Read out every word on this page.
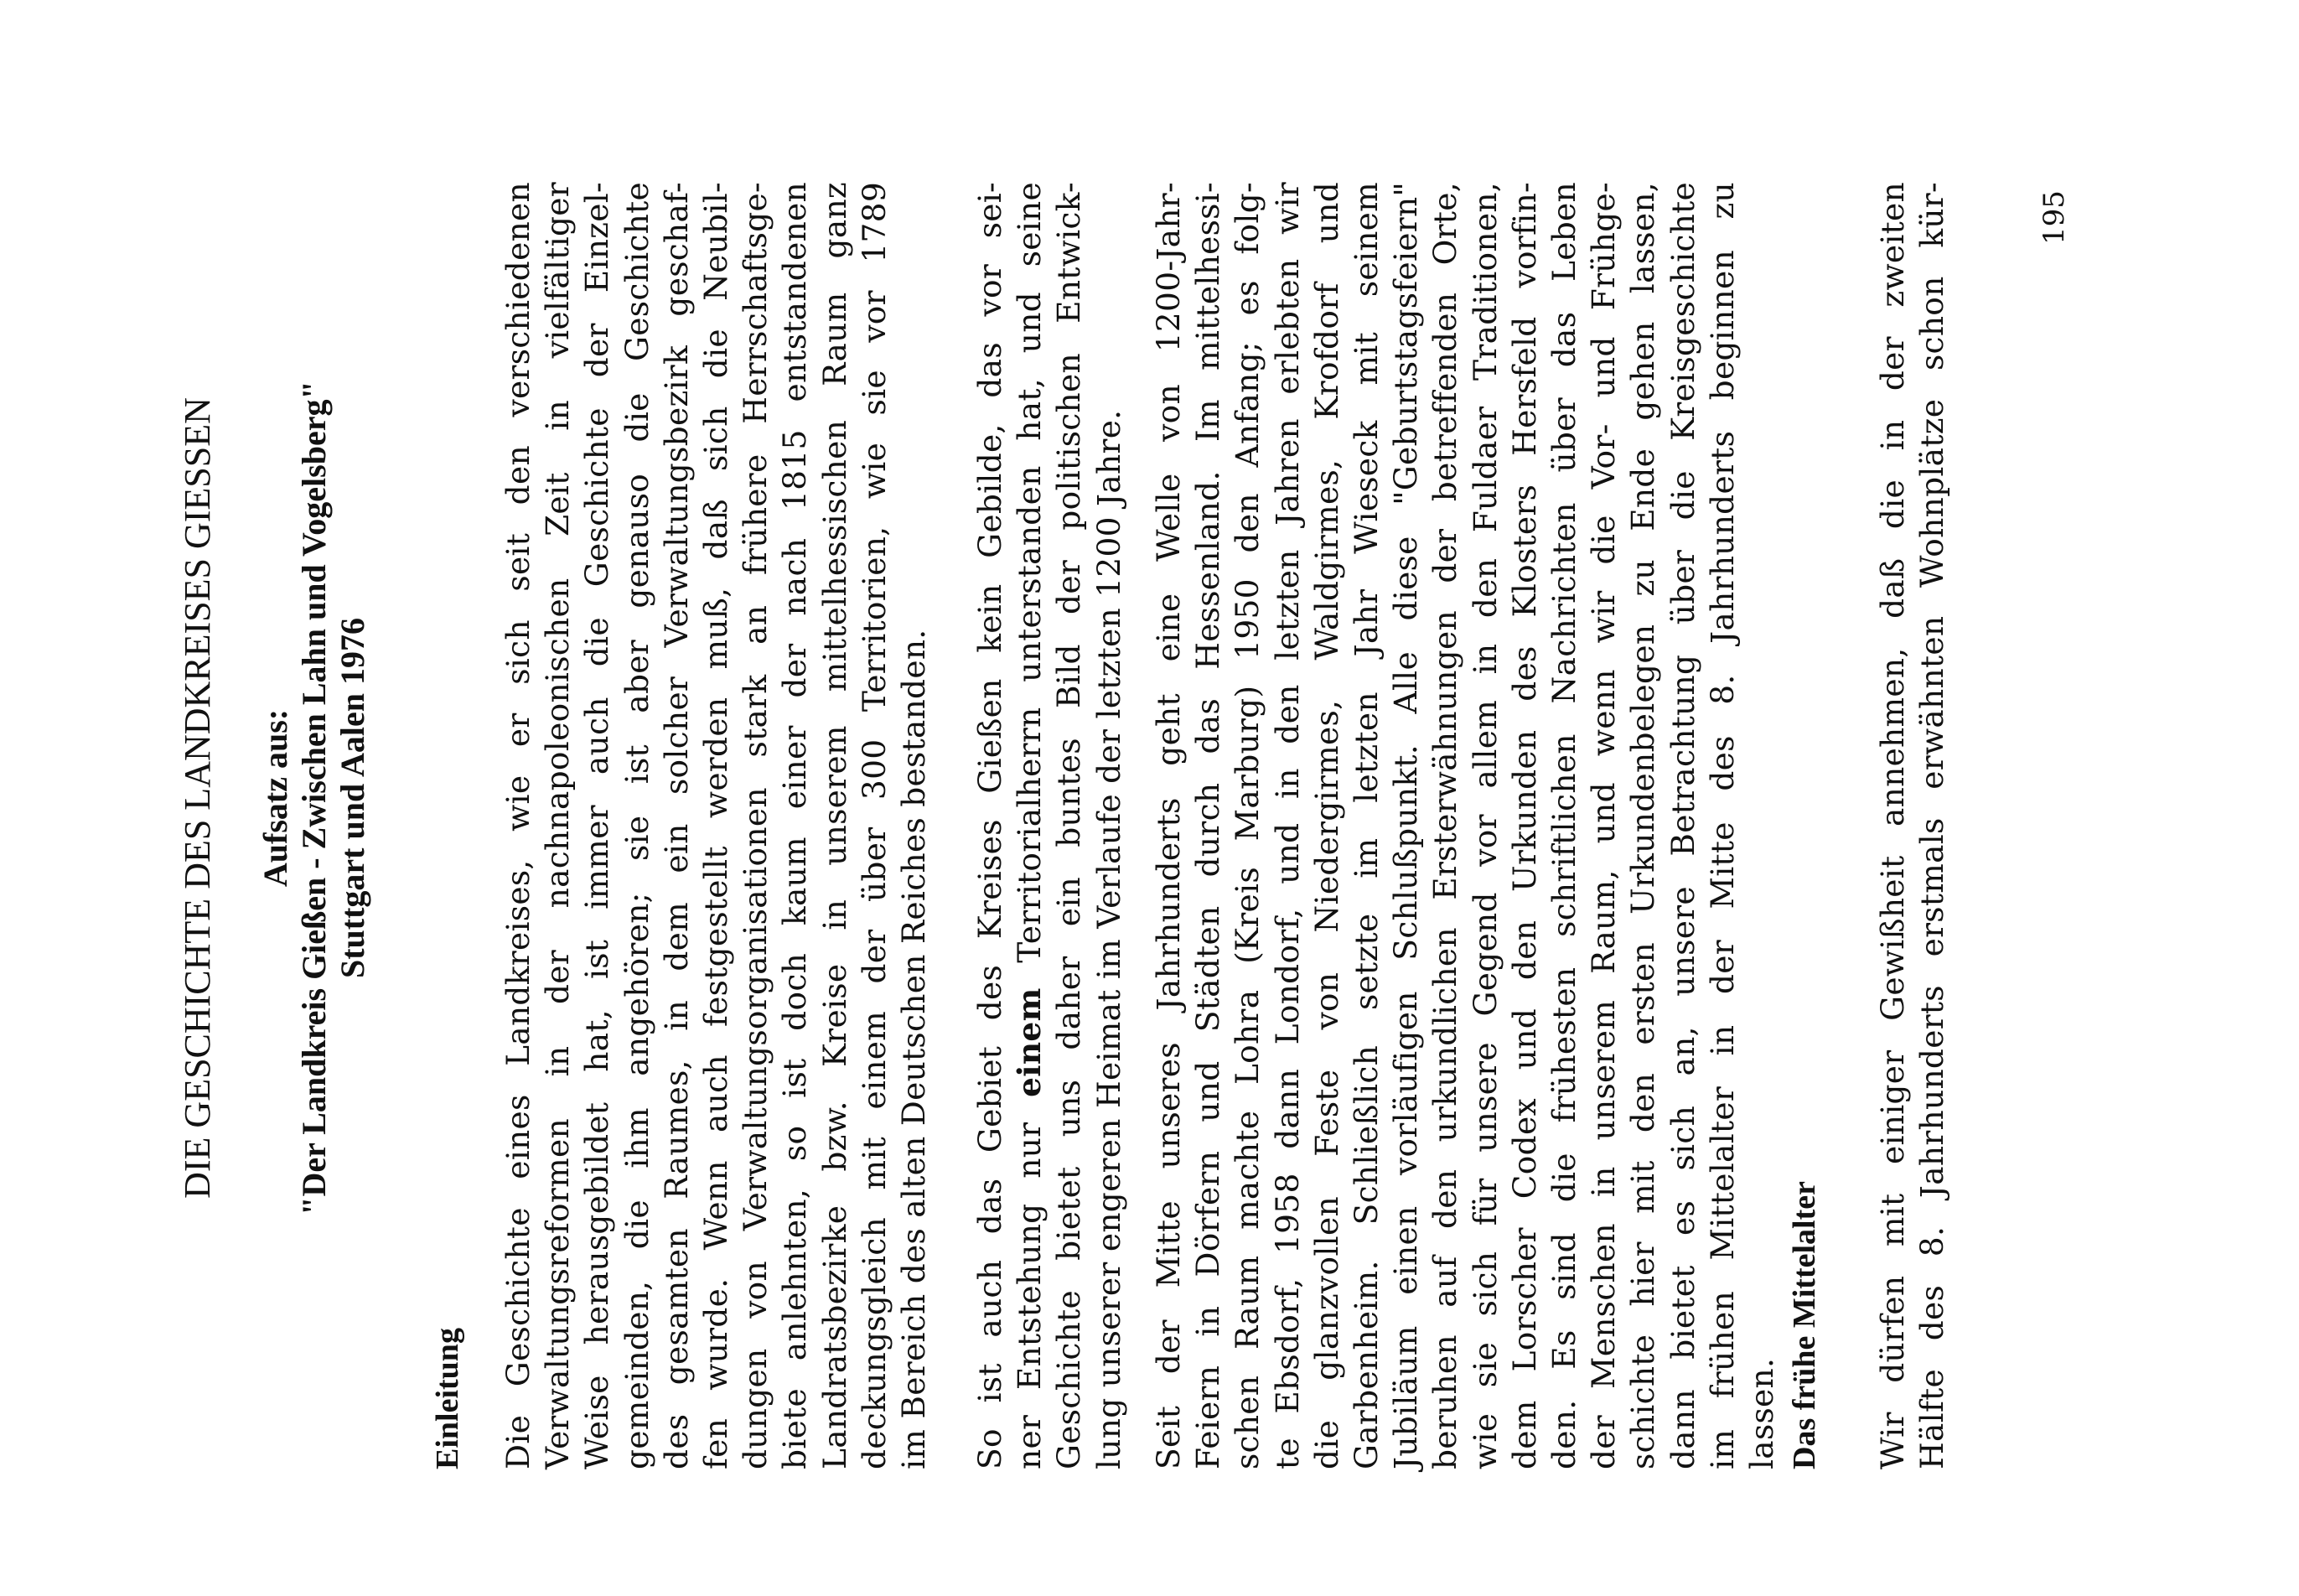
DIE GESCHICHTE DES LANDKREISES GIESSEN Aufsatz aus: "Der Landkreis Gießen - Zwischen Lahn und Vogelsberg" Stuttgart und Aalen 1976
Einleitung Die Geschichte eines Landkreises, wie er sich seit den verschiedenen Verwaltungsreformen in der nachnapoleonischen Zeit in vielfältiger Weise herausgebildet hat, ist immer auch die Geschichte der Einzel- gemeinden, die ihm angehören; sie ist aber genauso die Geschichte des gesamten Raumes, in dem ein solcher Verwaltungsbezirk geschaf- fen wurde. Wenn auch festgestellt werden muß, daß sich die Neubil- dungen von Verwaltungsorganisationen stark an frühere Herrschaftsge- biete anlehnten, so ist doch kaum einer der nach 1815 entstandenen Landratsbezirke bzw. Kreise in unserem mittelhessischen Raum ganz deckungsgleich mit einem der über 300 Territorien, wie sie vor 1789 im Bereich des alten Deutschen Reiches bestanden. So ist auch das Gebiet des Kreises Gießen kein Gebilde, das vor sei- ner Entstehung nur einem Territorialherrn unterstanden hat, und seine Geschichte bietet uns daher ein buntes Bild der politischen Entwick- lung unserer engeren Heimat im Verlaufe der letzten 1200 Jahre. Seit der Mitte unseres Jahrhunderts geht eine Welle von 1200-Jahr- Feiern in Dörfern und Städten durch das Hessenland. Im mittelhessi- schen Raum machte Lohra (Kreis Marburg) 1950 den Anfang; es folg- te Ebsdorf, 1958 dann Londorf, und in den letzten Jahren erlebten wir die glanzvollen Feste von Niedergirmes, Waldgirmes, Krofdorf und Garbenheim. Schließlich setzte im letzten Jahr Wieseck mit seinem Jubiläum einen vorläufigen Schlußpunkt. Alle diese "Geburtstagsfeiern" beruhen auf den urkundlichen Ersterwähnungen der betreffenden Orte, wie sie sich für unsere Gegend vor allem in den Fuldaer Traditionen, dem Lorscher Codex und den Urkunden des Klosters Hersfeld vorfin- den. Es sind die frühesten schriftlichen Nachrichten über das Leben der Menschen in unserem Raum, und wenn wir die Vor- und Frühge- schichte hier mit den ersten Urkundenbelegen zu Ende gehen lassen, dann bietet es sich an, unsere Betrachtung über die Kreisgeschichte im frühen Mittelalter in der Mitte des 8. Jahrhunderts beginnen zu lassen. Das frühe Mittelalter Wir dürfen mit einiger Gewißheit annehmen, daß die in der zweiten Hälfte des 8. Jahrhunderts erstmals erwähnten Wohnplätze schon kür-	195
